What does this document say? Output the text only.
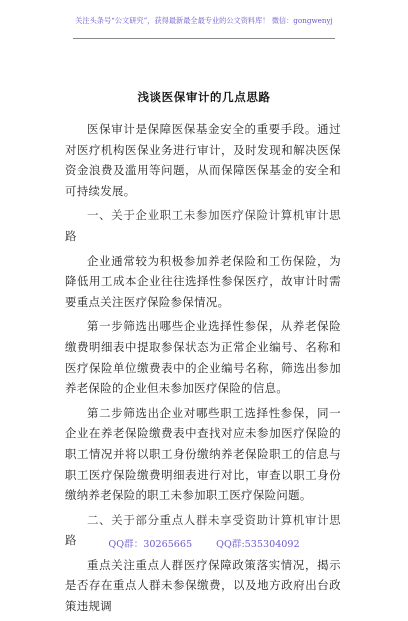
关注头条号“公文研究”，获得最新最全最专业的公文资料库！ 微信：gongwenyj
浅谈医保审计的几点思路

医保审计是保障医保基金安全的重要手段。通过对医疗机构医保业务进行审计，及时发现和解决医保资金浪费及滥用等问题，从而保障医保基金的安全和可持续发展。

一、关于企业职工未参加医疗保险计算机审计思路

企业通常较为积极参加养老保险和工伤保险，为降低用工成本企业往往选择性参保医疗，故审计时需要重点关注医疗保险参保情况。

第一步筛选出哪些企业选择性参保，从养老保险缴费明细表中提取参保状态为正常企业编号、名称和医疗保险单位缴费表中的企业编号名称，筛选出参加养老保险的企业但未参加医疗保险的信息。

第二步筛选出企业对哪些职工选择性参保，同一企业在养老保险缴费表中查找对应未参加医疗保险的职工情况并将以职工身份缴纳养老保险职工的信息与职工医疗保险缴费明细表进行对比，审查以职工身份缴纳养老保险的职工未参加职工医疗保险问题。

二、关于部分重点人群未享受资助计算机审计思路

重点关注重点人群医疗保障政策落实情况，揭示是否存在重点人群未参保缴费，以及地方政府出台政策违规调

QQ群：30265665	QQ群:535304092
